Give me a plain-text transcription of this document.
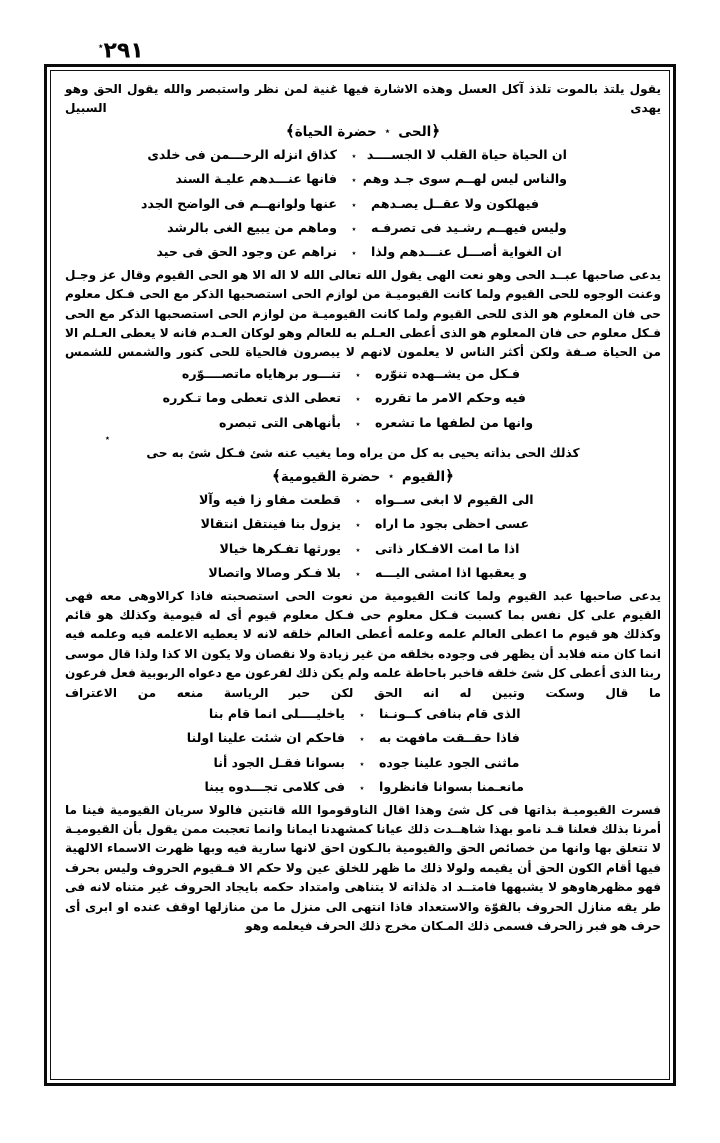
٢٩١٭

يقول يلتذ بالموت تلذذ آكل العسل وهذه الاشارة فيها غنية لمن نظر واستبصر والله يقول الحق وهو يهدى السبيل

﴿الحى٭حضرة الحياة﴾
ان الحياة حياة القلب لا الجســــد
٭
كذاق انزله الرحـــمن فى خلدى
والناس ليس لهــم سوى جـد وهم
٭
فانها عنـــدهم عليـة السند
فيهلكون ولا عقــل يصـدهم
٭
عنها ولوانهــم فى الواضح الجدد
وليس فيهــم رشـيد فى تصرفـه
٭
وماهم من يبيع الغى بالرشد
ان الغواية أصـــل عنـــدهم ولذا
٭
نراهم عن وجود الحق فى حيد

يدعى صاحبها عبــد الحى وهو نعت الهى يقول الله تعالى الله لا اله الا هو الحى القيوم وقال عز وجـل وعنت الوجوه للحى القيوم ولما كانت القيوميـة من لوازم الحى استصحبها الذكر مع الحى فـكل معلوم حى فان المعلوم هو الذى للحى القيوم ولما كانت القيوميـة من لوازم الحى استصحبها الذكر مع الحى فـكل معلوم حى فان المعلوم هو الذى أعطى العـلم به للعالم وهو لوكان العـدم فانه لا يعطى العـلم الا من الحياة صـفة ولكن أكثر الناس لا يعلمون لانهم لا يبصرون فالحياة للحى كنور والشمس للشمس

فـكل من يشــهده تنوّره
٭
تنـــور برهاياه ماتصــــوّره
فيه وحكم الامر ما تقرره
٭
تعطى الذى تعطى وما تـكرره
وانها من لطفها ما تشعره
٭
بأنهاهى التى تبصره
٭
كذلك الحى بذاته يحيى به كل من يراه وما يغيب عنه شئ فـكل شئ به حى
﴿القيوم٭حضرة القيومية﴾
الى القيوم لا ابغى ســواه
٭
قطعت مفاو زا فيه وآلا
عسى احظى بجود ما اراه
٭
يزول بنا فينتقل انتقالا
اذا ما امت الافـكار ذاتى
٭
يورثها تفـكرها خيالا
و يعقبها اذا امشى اليـــه
٭
بلا فـكر وصالا واتصالا

يدعى صاحبها عبد القيوم ولما كانت القيومية من نعوت الحى استصحبته فاذا كرالاوهى معه فهى القيوم على كل نفس بما كسبت فـكل معلوم حى فـكل معلوم قيوم أى له قيومية وكذلك هو قائم وكذلك هو قيوم ما اعطى العالم علمه وعلمه أعطى العالم خلقه لانه لا يعطيه الاعلمه فيه وعلمه فيه انما كان منه فلابد أن يظهر فى وجوده بخلقه من غير زيادة ولا نقصان ولا يكون الا كذا ولذا قال موسى ربنا الذى أعطى كل شئ خلقه فاخبر باحاطة علمه ولم يكن ذلك لفرعون مع دعواه الربوبية فعل فرعون ما قال وسكت وتبين له انه الحق لكن حبر الرياسة منعه من الاعتراف

الذى قام بنافى كــونـنا
٭
ياخليــــلى انما قام بنا
فاذا حقــقت مافهت به
٭
فاحكم ان شئت علينا اولنا
ماثنى الجود علينا جوده
٭
بسوانا فقـل الجود أنا
مانعـمنا بسوانا فانظروا
٭
فى كلامى تجـــدوه يبنا

فسرت القيوميـة بذاتها فى كل شئ وهذا اقال الناوقوموا الله قانتين فالولا سريان القيومية فينا ما أمرنا بذلك فعلنا قـد نامو بهذا شاهــدت ذلك عيانا كمشهدنا ايمانا وانما تعجبت ممن يقول بأن القيوميـة لا تتعلق بها وانها من خصائص الحق والقيومية بالـكون احق لانها سارية فيه وبها ظهرت الاسماء الالهية فيها أقام الكون الحق أن يقيمه ولولا ذلك ما ظهر للخلق عين ولا حكم الا فـقيوم الحروف وليس بحرف فهو مظهرهاوهو لا يشبهها فامتــد اد ةلذاته لا يتناهى وامتداد حكمه بايجاد الحروف غير متناه لانه فى طر يقه منازل الحروف بالقوّة والاستعداد فاذا انتهى الى منزل ما من منازلها اوقف عنده او ابرى أى حرف هو فبر زالحرف فسمى ذلك المـكان مخرج ذلك الحرف فيعلمه وهو
